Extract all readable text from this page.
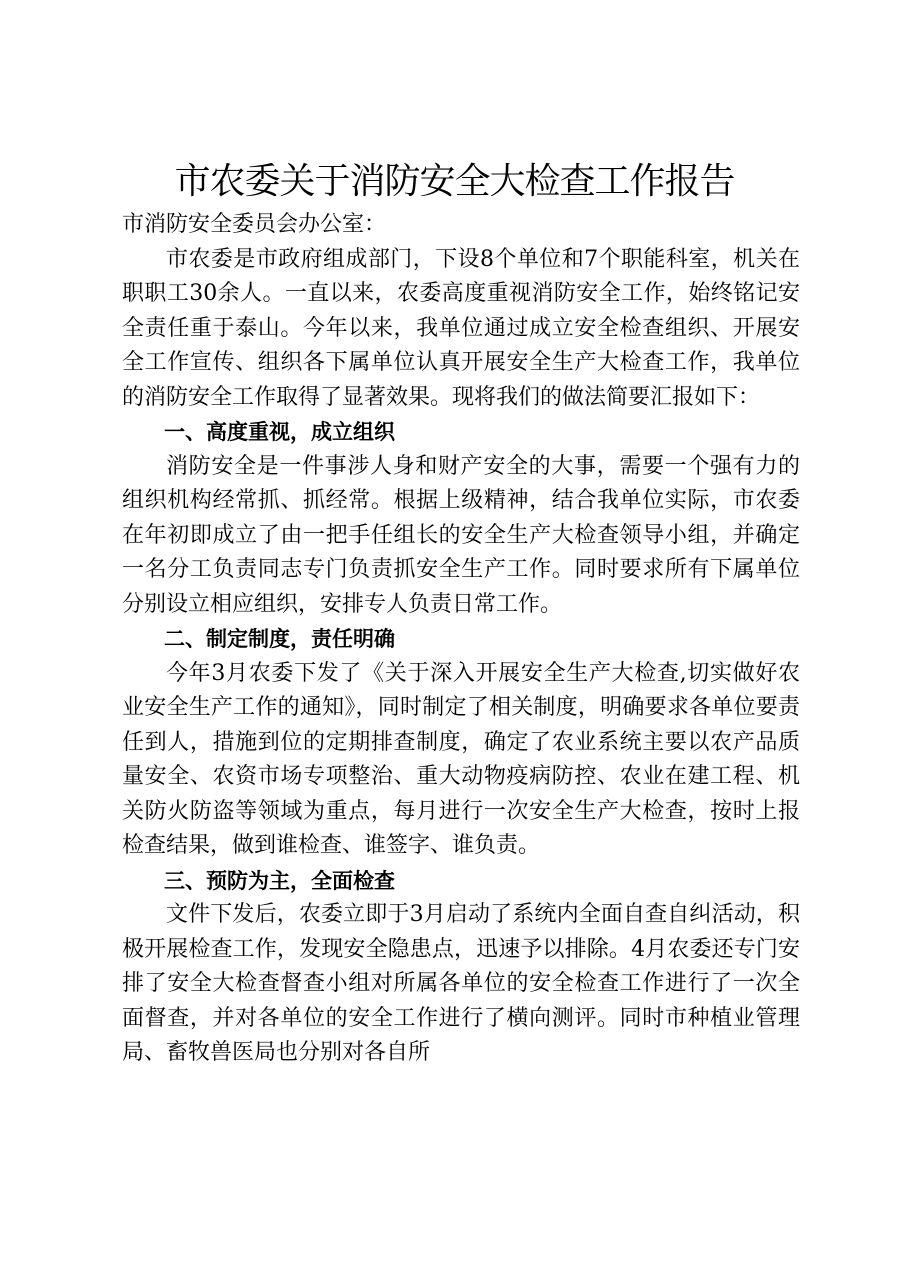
市农委关于消防安全大检查工作报告

市消防安全委员会办公室：

市农委是市政府组成部门，下设8个单位和7个职能科室，机关在职职工30余人。一直以来，农委高度重视消防安全工作，始终铭记安全责任重于泰山。今年以来，我单位通过成立安全检查组织、开展安全工作宣传、组织各下属单位认真开展安全生产大检查工作，我单位的消防安全工作取得了显著效果。现将我们的做法简要汇报如下：

一、高度重视，成立组织

消防安全是一件事涉人身和财产安全的大事，需要一个强有力的组织机构经常抓、抓经常。根据上级精神，结合我单位实际，市农委在年初即成立了由一把手任组长的安全生产大检查领导小组，并确定一名分工负责同志专门负责抓安全生产工作。同时要求所有下属单位分别设立相应组织，安排专人负责日常工作。

二、制定制度，责任明确

今年3月农委下发了《关于深入开展安全生产大检查,切实做好农业安全生产工作的通知》，同时制定了相关制度，明确要求各单位要责任到人，措施到位的定期排查制度，确定了农业系统主要以农产品质量安全、农资市场专项整治、重大动物疫病防控、农业在建工程、机关防火防盗等领域为重点，每月进行一次安全生产大检查，按时上报检查结果，做到谁检查、谁签字、谁负责。

三、预防为主，全面检查

文件下发后，农委立即于3月启动了系统内全面自查自纠活动，积极开展检查工作，发现安全隐患点，迅速予以排除。4月农委还专门安排了安全大检查督查小组对所属各单位的安全检查工作进行了一次全面督查，并对各单位的安全工作进行了横向测评。同时市种植业管理局、畜牧兽医局也分别对各自所
